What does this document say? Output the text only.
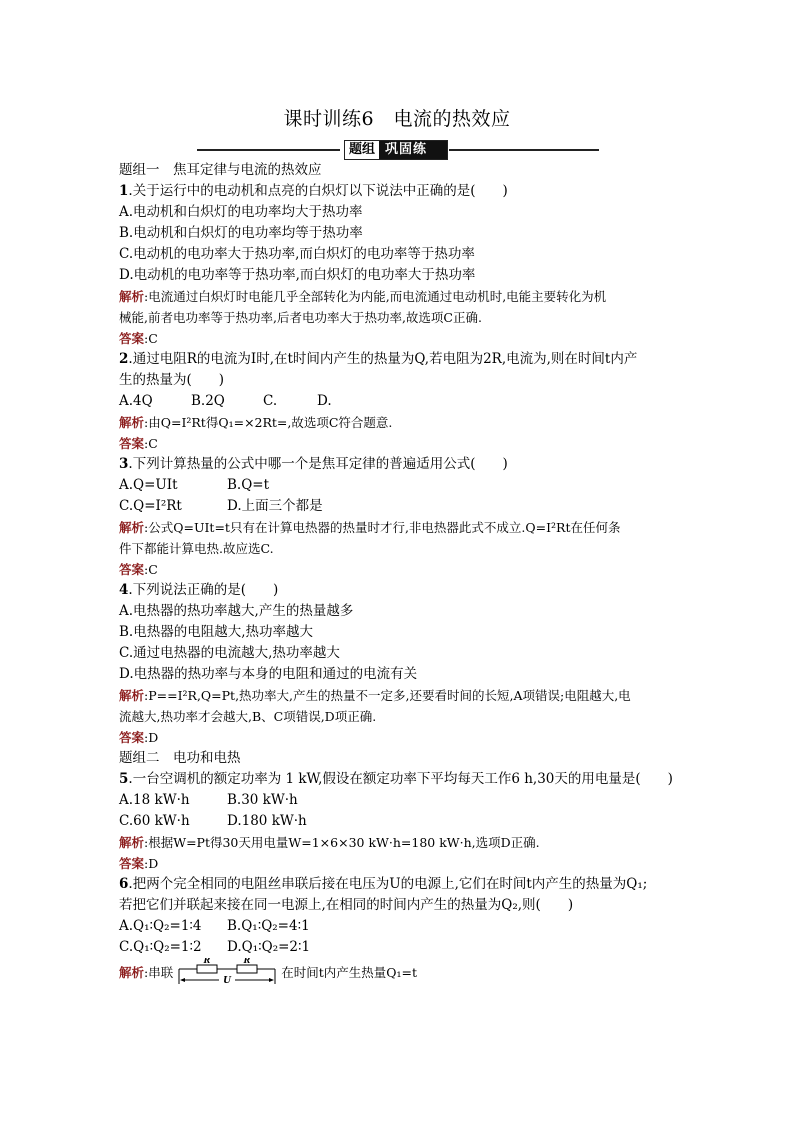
课时训练6　电流的热效应
题组 巩固练
题组一　焦耳定律与电流的热效应
1.关于运行中的电动机和点亮的白炽灯以下说法中正确的是(　　)
A.电动机和白炽灯的电功率均大于热功率
B.电动机和白炽灯的电功率均等于热功率
C.电动机的电功率大于热功率,而白炽灯的电功率等于热功率
D.电动机的电功率等于热功率,而白炽灯的电功率大于热功率
解析:电流通过白炽灯时电能几乎全部转化为内能,而电流通过电动机时,电能主要转化为机
械能,前者电功率等于热功率,后者电功率大于热功率,故选项C正确.
答案:C
2.通过电阻R的电流为I时,在t时间内产生的热量为Q,若电阻为2R,电流为,则在时间t内产
生的热量为(　　)
A.4Q	B.2Q	C.	D.
解析:由Q=I²Rt得Q₁=×2Rt=,故选项C符合题意.
答案:C
3.下列计算热量的公式中哪一个是焦耳定律的普遍适用公式(　　)
A.Q=UIt	B.Q=t
C.Q=I²Rt	D.上面三个都是
解析:公式Q=UIt=t只有在计算电热器的热量时才行,非电热器此式不成立.Q=I²Rt在任何条
件下都能计算电热.故应选C.
答案:C
4.下列说法正确的是(　　)
A.电热器的热功率越大,产生的热量越多
B.电热器的电阻越大,热功率越大
C.通过电热器的电流越大,热功率越大
D.电热器的热功率与本身的电阻和通过的电流有关
解析:P==I²R,Q=Pt,热功率大,产生的热量不一定多,还要看时间的长短,A项错误;电阻越大,电
流越大,热功率才会越大,B、C项错误,D项正确.
答案:D
题组二　电功和电热
5.一台空调机的额定功率为 1 kW,假设在额定功率下平均每天工作6 h,30天的用电量是(　　)
A.18 kW·h	B.30 kW·h
C.60 kW·h	D.180 kW·h
解析:根据W=Pt得30天用电量W=1×6×30 kW·h=180 kW·h,选项D正确.
答案:D
6.把两个完全相同的电阻丝串联后接在电压为U的电源上,它们在时间t内产生的热量为Q₁;
若把它们并联起来接在同一电源上,在相同的时间内产生的热量为Q₂,则(　　)
A.Q₁∶Q₂=1∶4	B.Q₁∶Q₂=4∶1
C.Q₁∶Q₂=1∶2	D.Q₁∶Q₂=2∶1
解析 :串联
R	R
U
在时间t内产生热量Q₁=t
